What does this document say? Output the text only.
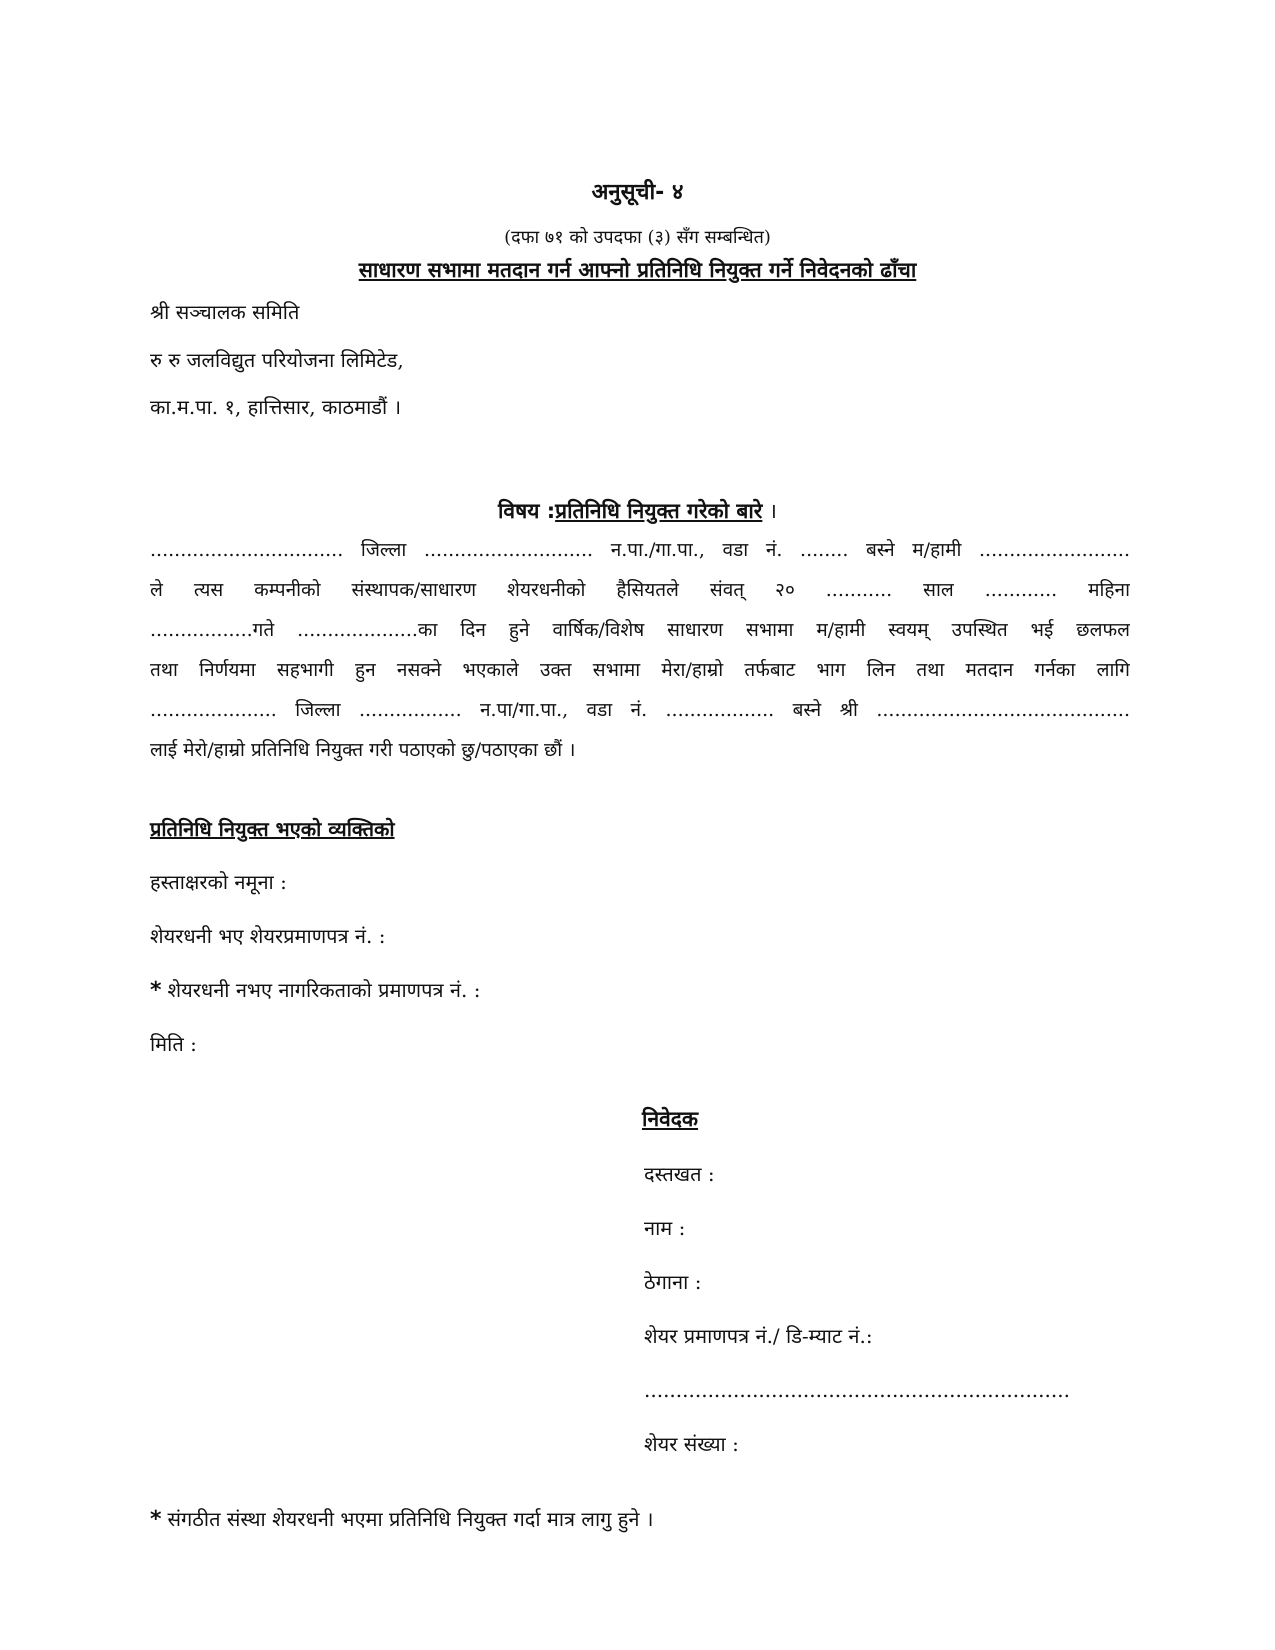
अनुसूची- ४
(दफा ७१ को उपदफा (३) सँग सम्बन्धित)
साधारण सभामा मतदान गर्न आफ्नो प्रतिनिधि नियुक्त गर्ने निवेदनको ढाँचा
श्री सञ्चालक समिति
रु रु जलविद्युत परियोजना लिमिटेड,
का.म.पा. १, हात्तिसार, काठमाडौं ।
विषय :प्रतिनिधि नियुक्त गरेको बारे ।
................................ जिल्ला ............................ न.पा./गा.पा., वडा नं. ........ बस्ने म/हामी .........................
ले त्यस कम्पनीको संस्थापक/साधारण शेयरधनीको हैसियतले संवत् २० ........... साल ............ महिना
.................गते ....................का दिन हुने वार्षिक/विशेष साधारण सभामा म/हामी स्वयम् उपस्थित भई छलफल
तथा निर्णयमा सहभागी हुन नसक्ने भएकाले उक्त सभामा मेरा/हाम्रो तर्फबाट भाग लिन तथा मतदान गर्नका लागि
..................... जिल्ला ................. न.पा/गा.पा., वडा नं. .................. बस्ने श्री ..........................................
लाई मेरो/हाम्रो प्रतिनिधि नियुक्त गरी पठाएको छु/पठाएका छौं ।
प्रतिनिधि नियुक्त भएको व्यक्तिको
हस्ताक्षरको नमूना :
शेयरधनी भए शेयरप्रमाणपत्र नं. :
* शेयरधनी नभए नागरिकताको प्रमाणपत्र नं. :
मिति :
निवेदक
दस्तखत :
नाम :
ठेगाना :
शेयर प्रमाणपत्र नं./ डि-म्याट नं.:
...................................................................
शेयर संख्या :
* संगठीत संस्था शेयरधनी भएमा प्रतिनिधि नियुक्त गर्दा मात्र लागु हुने ।
